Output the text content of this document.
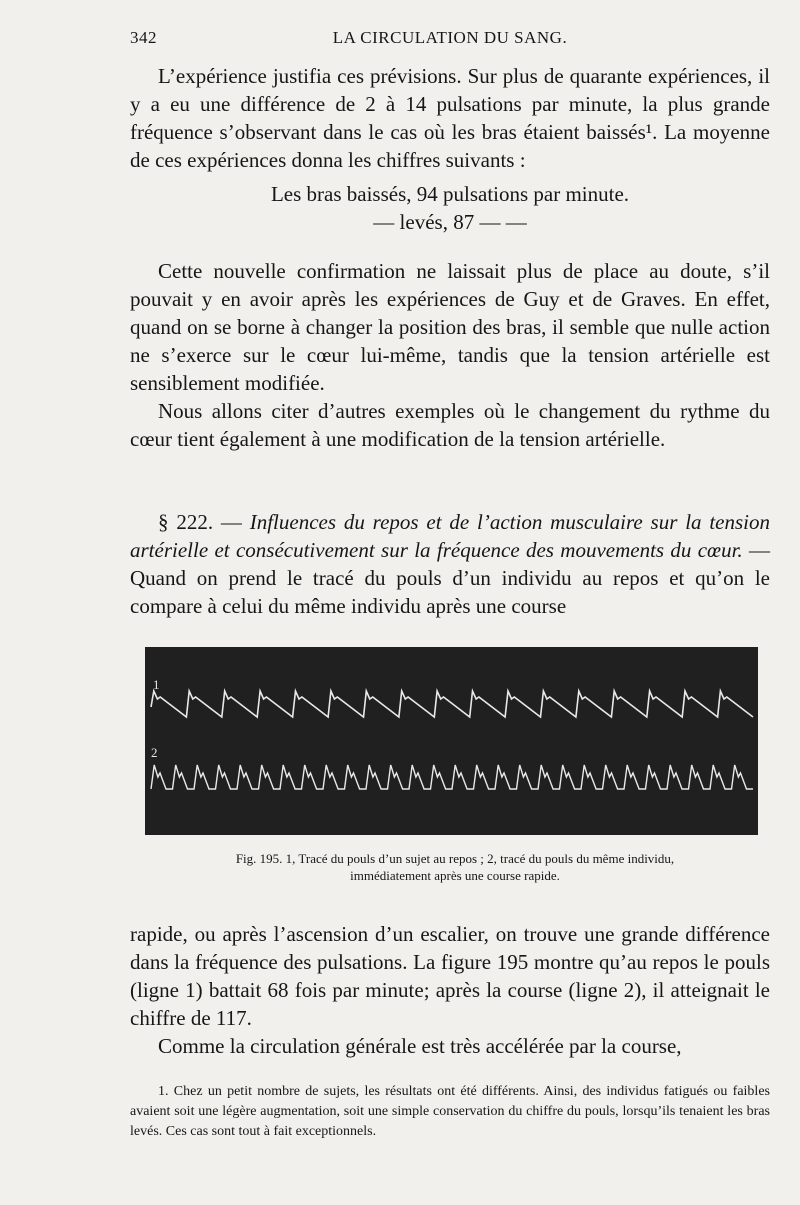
342	LA CIRCULATION DU SANG.

L’expérience justifia ces prévisions. Sur plus de quarante expériences, il y a eu une différence de 2 à 14 pulsations par minute, la plus grande fréquence s’observant dans le cas où les bras étaient baissés¹. La moyenne de ces expériences donna les chiffres suivants :

Les bras baissés, 94 pulsations par minute.

— levés, 87 — —

Cette nouvelle confirmation ne laissait plus de place au doute, s’il pouvait y en avoir après les expériences de Guy et de Graves. En effet, quand on se borne à changer la position des bras, il semble que nulle action ne s’exerce sur le cœur lui-même, tandis que la tension artérielle est sensiblement modifiée.

Nous allons citer d’autres exemples où le changement du rythme du cœur tient également à une modification de la tension artérielle.

§ 222. — Influences du repos et de l’action musculaire sur la tension artérielle et consécutivement sur la fréquence des mouvements du cœur. — Quand on prend le tracé du pouls d’un individu au repos et qu’on le compare à celui du même individu après une course

1
2
Fig. 195. 1, Tracé du pouls d’un sujet au repos ; 2, tracé du pouls du même individu,
immédiatement après une course rapide.

rapide, ou après l’ascension d’un escalier, on trouve une grande différence dans la fréquence des pulsations. La figure 195 montre qu’au repos le pouls (ligne 1) battait 68 fois par minute; après la course (ligne 2), il atteignait le chiffre de 117.

Comme la circulation générale est très accélérée par la course,

1. Chez un petit nombre de sujets, les résultats ont été différents. Ainsi, des individus fatigués ou faibles avaient soit une légère augmentation, soit une simple conservation du chiffre du pouls, lorsqu’ils tenaient les bras levés. Ces cas sont tout à fait exceptionnels.
